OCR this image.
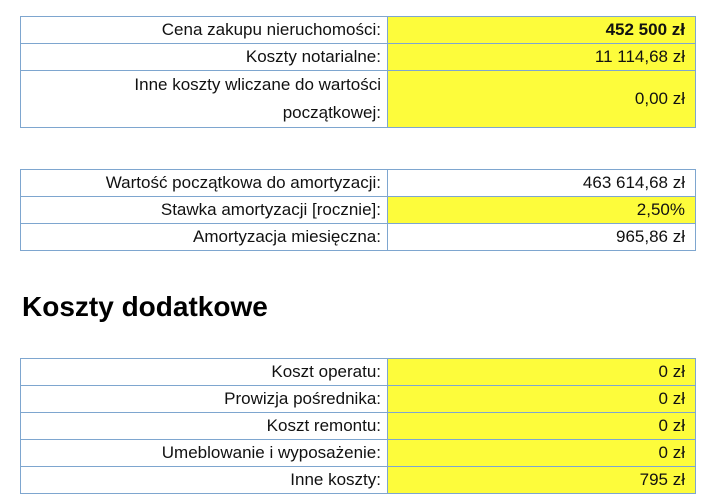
Cena zakupu nieruchomości:	452 500 zł
Koszty notarialne:	11 114,68 zł
Inne koszty wliczane do wartości
początkowej:	0,00 zł
Wartość początkowa do amortyzacji:	463 614,68 zł
Stawka amortyzacji [rocznie]:	2,50%
Amortyzacja miesięczna:	965,86 zł
Koszty dodatkowe
Koszt operatu:	0 zł
Prowizja pośrednika:	0 zł
Koszt remontu:	0 zł
Umeblowanie i wyposażenie:	0 zł
Inne koszty:	795 zł
